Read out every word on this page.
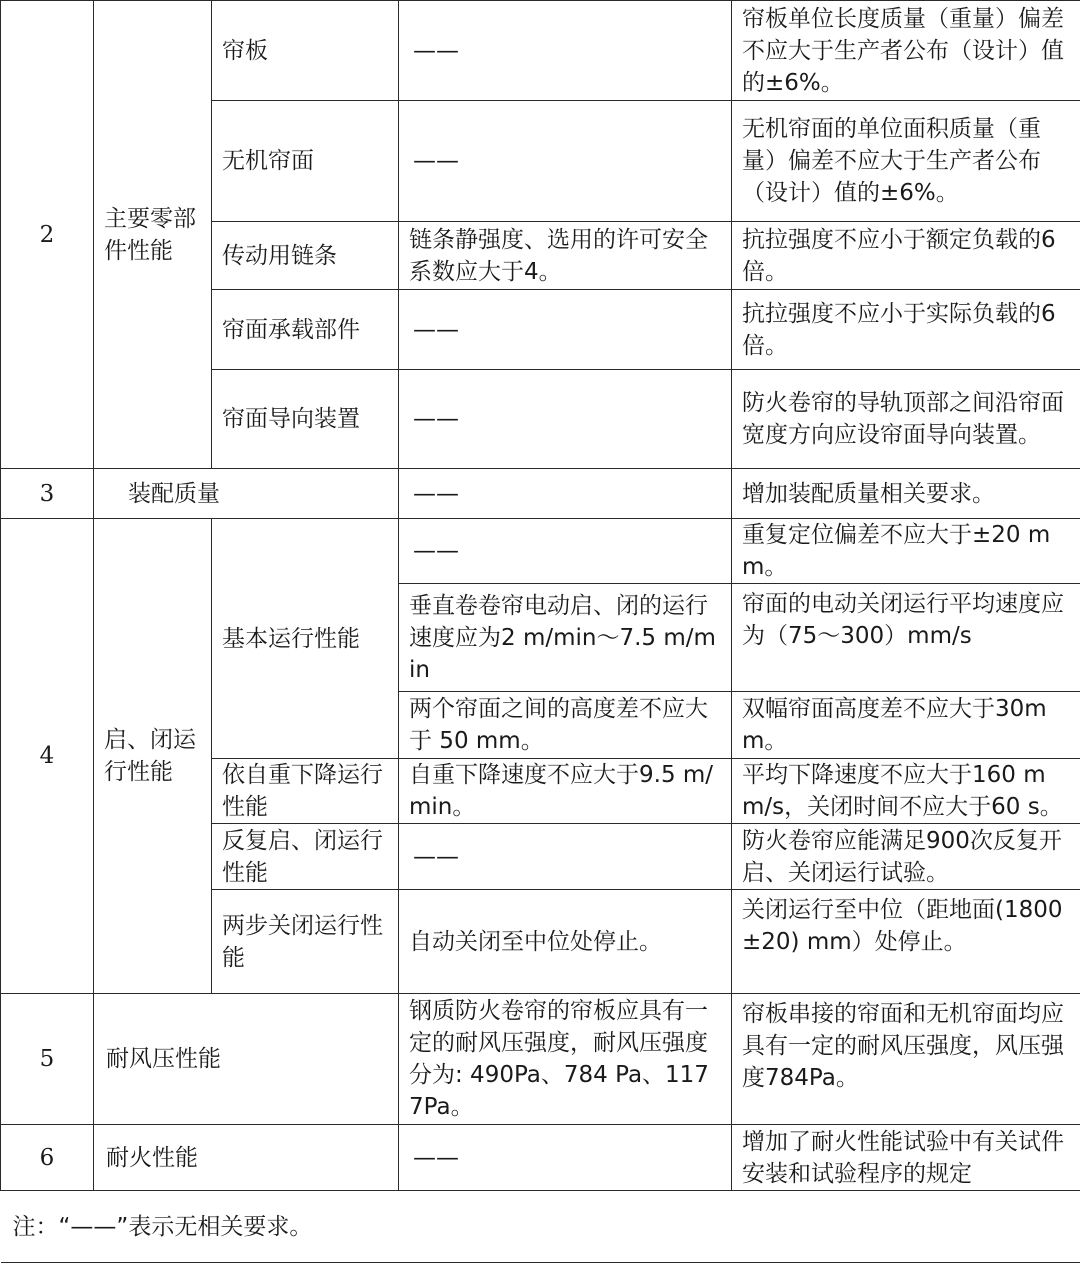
2	主要零部件性能	帘板	——	帘板单位长度质量（重量）偏差不应大于生产者公布（设计）值的±6%。
		无机帘面	——	无机帘面的单位面积质量（重量）偏差不应大于生产者公布（设计）值的±6%。
		传动用链条	链条静强度、选用的许可安全系数应大于4。	抗拉强度不应小于额定负载的6倍。
		帘面承载部件	——	抗拉强度不应小于实际负载的6倍。
		帘面导向装置	——	防火卷帘的导轨顶部之间沿帘面宽度方向应设帘面导向装置。
3	装配质量		——	增加装配质量相关要求。
4	启、闭运行性能	基本运行性能	——	重复定位偏差不应大于±20 mm。
			垂直卷卷帘电动启、闭的运行速度应为2 m/min～7.5 m/min	帘面的电动关闭运行平均速度应为（75～300）mm/s
			两个帘面之间的高度差不应大于 50 mm。	双幅帘面高度差不应大于30mm。
		依自重下降运行性能	自重下降速度不应大于9.5 m/min。	平均下降速度不应大于160 mm/s，关闭时间不应大于60 s。
		反复启、闭运行性能	——	防火卷帘应能满足900次反复开启、关闭运行试验。
		两步关闭运行性能	自动关闭至中位处停止。	关闭运行至中位（距地面(1800±20) mm）处停止。
5	耐风压性能		钢质防火卷帘的帘板应具有一定的耐风压强度，耐风压强度分为: 490Pa、784 Pa、1177Pa。	帘板串接的帘面和无机帘面均应具有一定的耐风压强度，风压强度784Pa。
6	耐火性能		——	增加了耐火性能试验中有关试件安装和试验程序的规定
注：“——”表示无相关要求。				
